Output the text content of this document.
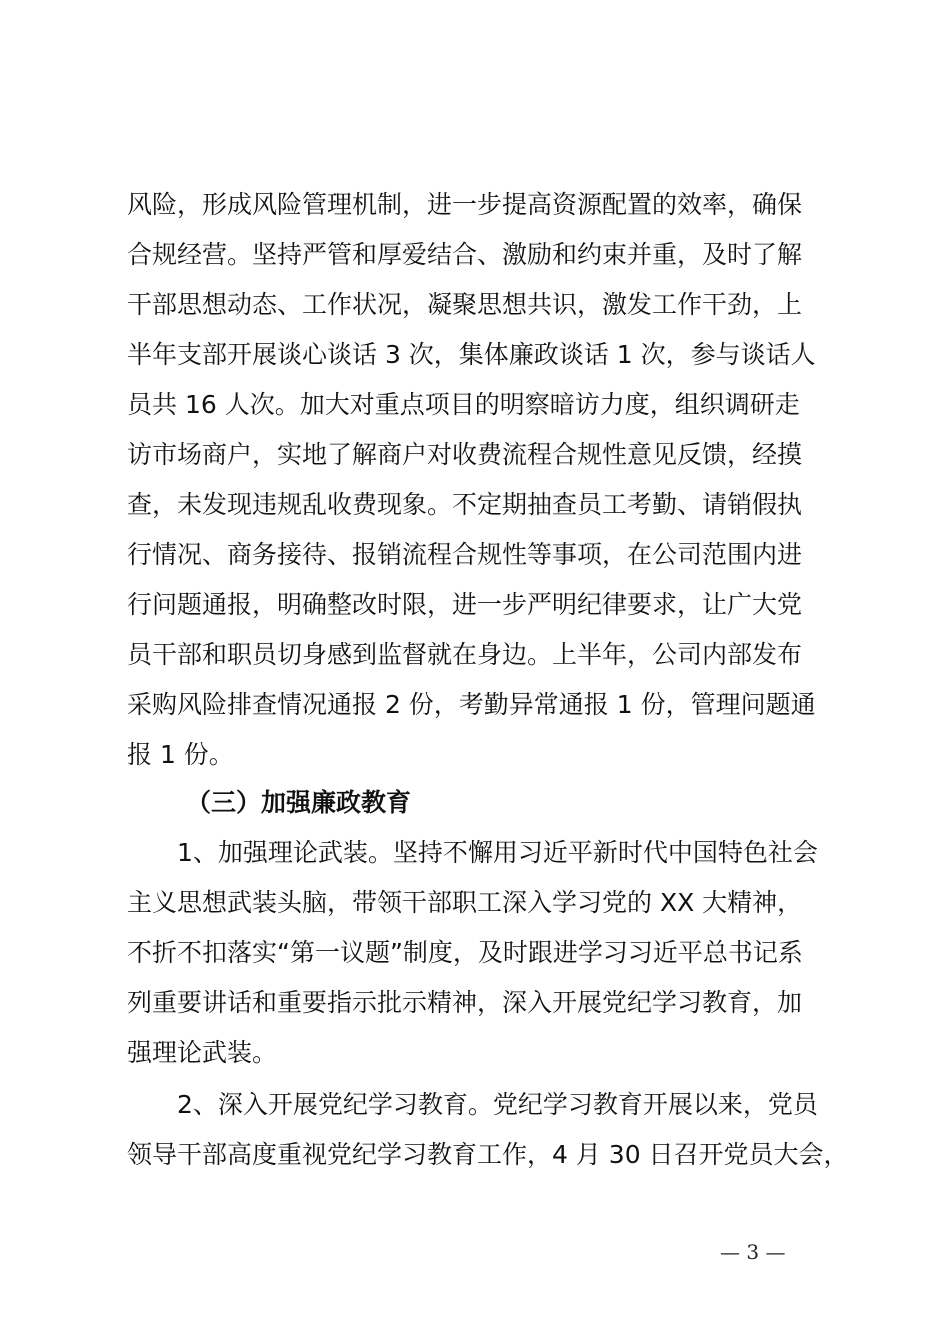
风险，形成风险管理机制，进一步提高资源配置的效率，确保
合规经营。坚持严管和厚爱结合、激励和约束并重，及时了解
干部思想动态、工作状况，凝聚思想共识，激发工作干劲，上
半年支部开展谈心谈话 3 次，集体廉政谈话 1 次，参与谈话人
员共 16 人次。加大对重点项目的明察暗访力度，组织调研走
访市场商户，实地了解商户对收费流程合规性意见反馈，经摸
查，未发现违规乱收费现象。不定期抽查员工考勤、请销假执
行情况、商务接待、报销流程合规性等事项，在公司范围内进
行问题通报，明确整改时限，进一步严明纪律要求，让广大党
员干部和职员切身感到监督就在身边。上半年，公司内部发布
采购风险排查情况通报 2 份，考勤异常通报 1 份，管理问题通
报 1 份。
（三）加强廉政教育
1、加强理论武装。坚持不懈用习近平新时代中国特色社会
主义思想武装头脑，带领干部职工深入学习党的 XX 大精神，
不折不扣落实“第一议题”制度，及时跟进学习习近平总书记系
列重要讲话和重要指示批示精神，深入开展党纪学习教育，加
强理论武装。
2、深入开展党纪学习教育。党纪学习教育开展以来，党员
领导干部高度重视党纪学习教育工作，4 月 30 日召开党员大会，
— 3 —
